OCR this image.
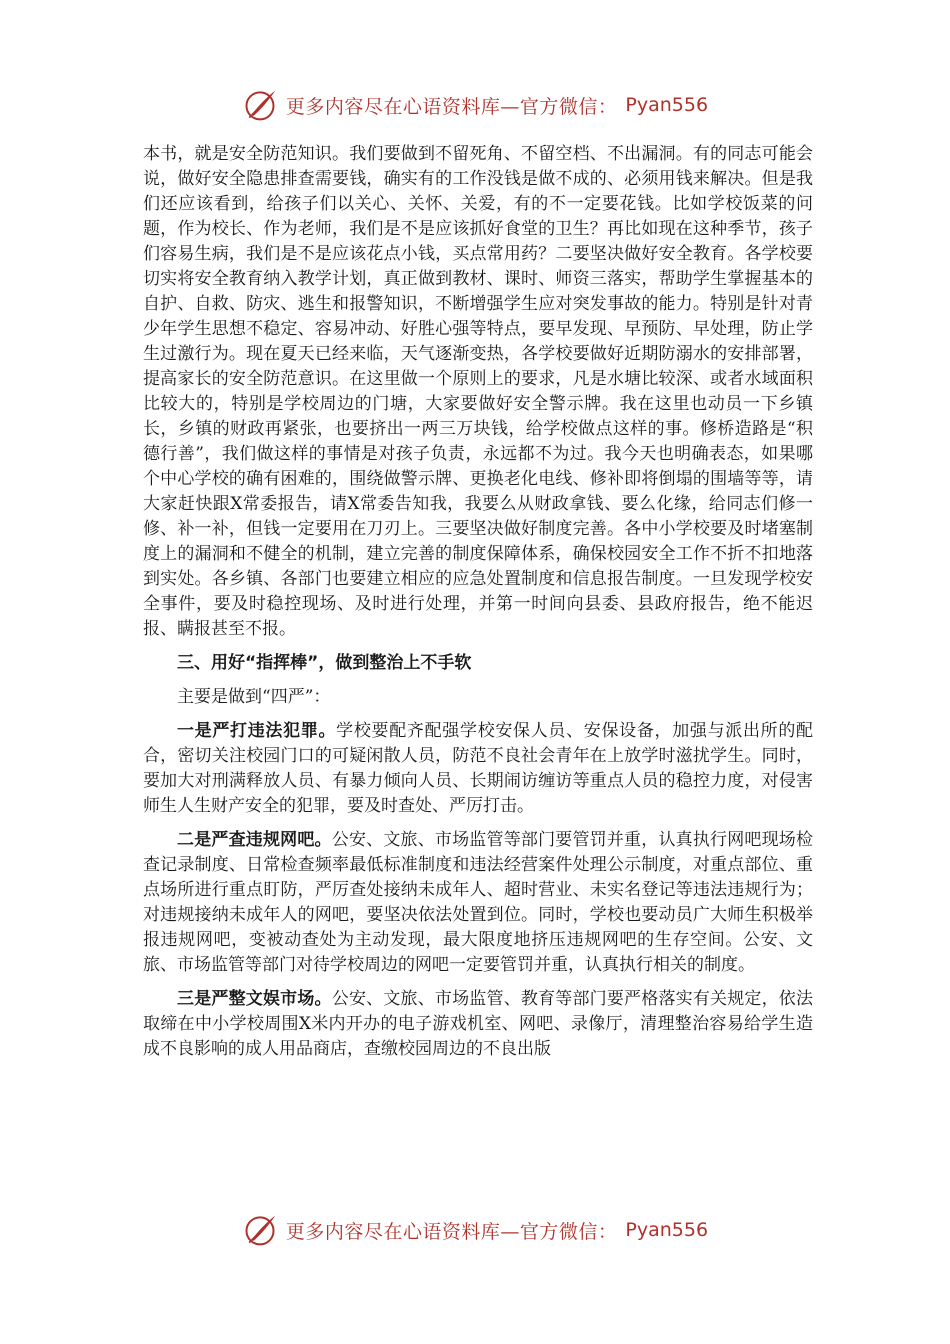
更多内容尽在心语资料库—官方微信： Pyan556

本书，就是安全防范知识。我们要做到不留死角、不留空档、不出漏洞。有的同志可能会说，做好安全隐患排查需要钱，确实有的工作没钱是做不成的、必须用钱来解决。但是我们还应该看到，给孩子们以关心、关怀、关爱，有的不一定要花钱。比如学校饭菜的问题，作为校长、作为老师，我们是不是应该抓好食堂的卫生？再比如现在这种季节，孩子们容易生病，我们是不是应该花点小钱，买点常用药？二要坚决做好安全教育。各学校要切实将安全教育纳入教学计划，真正做到教材、课时、师资三落实，帮助学生掌握基本的自护、自救、防灾、逃生和报警知识，不断增强学生应对突发事故的能力。特别是针对青少年学生思想不稳定、容易冲动、好胜心强等特点，要早发现、早预防、早处理，防止学生过激行为。现在夏天已经来临，天气逐渐变热，各学校要做好近期防溺水的安排部署，提高家长的安全防范意识。在这里做一个原则上的要求，凡是水塘比较深、或者水域面积比较大的，特别是学校周边的门塘，大家要做好安全警示牌。我在这里也动员一下乡镇长，乡镇的财政再紧张，也要挤出一两三万块钱，给学校做点这样的事。修桥造路是“积德行善”，我们做这样的事情是对孩子负责，永远都不为过。我今天也明确表态，如果哪个中心学校的确有困难的，围绕做警示牌、更换老化电线、修补即将倒塌的围墙等等，请大家赶快跟X常委报告，请X常委告知我，我要么从财政拿钱、要么化缘，给同志们修一修、补一补，但钱一定要用在刀刃上。三要坚决做好制度完善。各中小学校要及时堵塞制度上的漏洞和不健全的机制，建立完善的制度保障体系，确保校园安全工作不折不扣地落到实处。各乡镇、各部门也要建立相应的应急处置制度和信息报告制度。一旦发现学校安全事件，要及时稳控现场、及时进行处理，并第一时间向县委、县政府报告，绝不能迟报、瞒报甚至不报。

三、用好“指挥棒”，做到整治上不手软

主要是做到“四严”：

一是严打违法犯罪。学校要配齐配强学校安保人员、安保设备，加强与派出所的配合，密切关注校园门口的可疑闲散人员，防范不良社会青年在上放学时滋扰学生。同时，要加大对刑满释放人员、有暴力倾向人员、长期闹访缠访等重点人员的稳控力度，对侵害师生人生财产安全的犯罪，要及时查处、严厉打击。

二是严查违规网吧。公安、文旅、市场监管等部门要管罚并重，认真执行网吧现场检查记录制度、日常检查频率最低标准制度和违法经营案件处理公示制度，对重点部位、重点场所进行重点盯防，严厉查处接纳未成年人、超时营业、未实名登记等违法违规行为；对违规接纳未成年人的网吧，要坚决依法处置到位。同时，学校也要动员广大师生积极举报违规网吧，变被动查处为主动发现，最大限度地挤压违规网吧的生存空间。公安、文旅、市场监管等部门对待学校周边的网吧一定要管罚并重，认真执行相关的制度。

三是严整文娱市场。公安、文旅、市场监管、教育等部门要严格落实有关规定，依法取缔在中小学校周围X米内开办的电子游戏机室、网吧、录像厅，清理整治容易给学生造成不良影响的成人用品商店，查缴校园周边的不良出版

更多内容尽在心语资料库—官方微信： Pyan556
